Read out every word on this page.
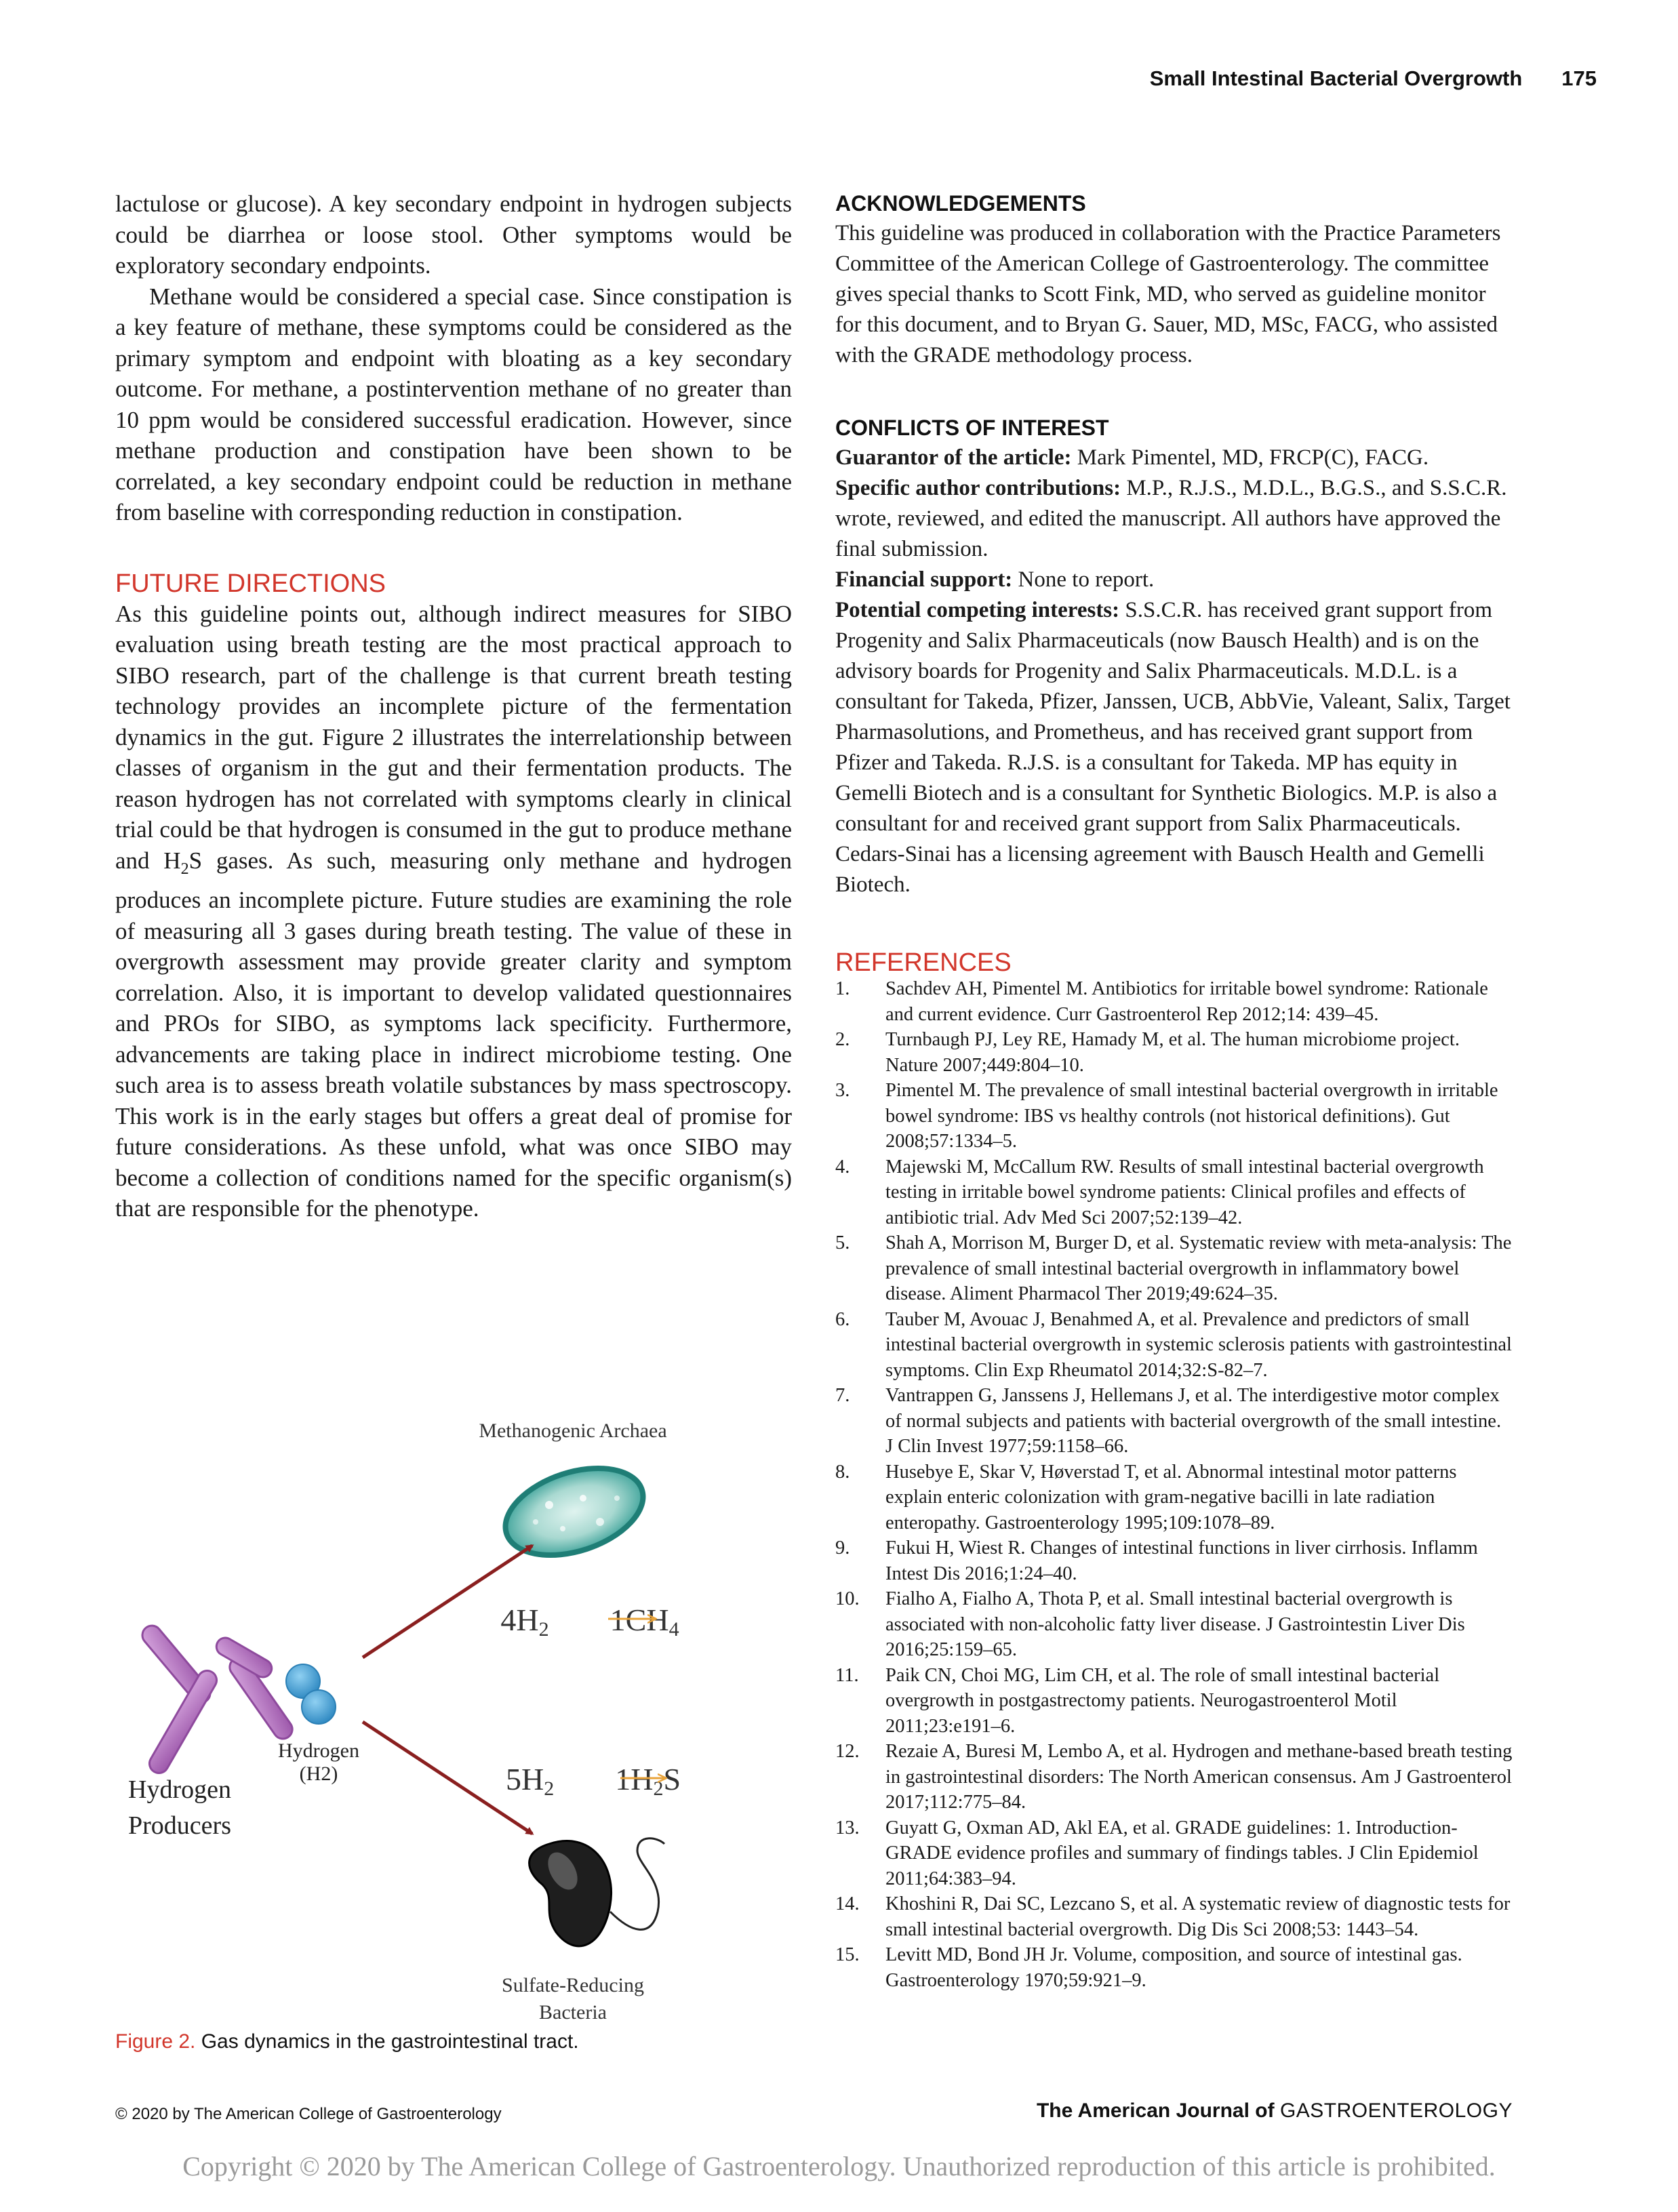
Small Intestinal Bacterial Overgrowth 175

lactulose or glucose). A key secondary endpoint in hydrogen subjects could be diarrhea or loose stool. Other symptoms would be exploratory secondary endpoints.

Methane would be considered a special case. Since constipation is a key feature of methane, these symptoms could be considered as the primary symptom and endpoint with bloating as a key secondary outcome. For methane, a postintervention methane of no greater than 10 ppm would be considered successful eradication. However, since methane production and constipation have been shown to be correlated, a key secondary endpoint could be reduction in methane from baseline with corresponding reduction in constipation.

FUTURE DIRECTIONS

As this guideline points out, although indirect measures for SIBO evaluation using breath testing are the most practical approach to SIBO research, part of the challenge is that current breath testing technology provides an incomplete picture of the fermentation dynamics in the gut. Figure 2 illustrates the interrelationship between classes of organism in the gut and their fermentation products. The reason hydrogen has not correlated with symptoms clearly in clinical trial could be that hydrogen is consumed in the gut to produce methane and $H_2S$ gases. As such, measuring only methane and hydrogen produces an incomplete picture. Future studies are examining the role of measuring all 3 gases during breath testing. The value of these in overgrowth assessment may provide greater clarity and symptom correlation. Also, it is important to develop validated questionnaires and PROs for SIBO, as symptoms lack specificity. Furthermore, advancements are taking place in indirect microbiome testing. One such area is to assess breath volatile substances by mass spectroscopy. This work is in the early stages but offers a great deal of promise for future considerations. As these unfold, what was once SIBO may become a collection of conditions named for the specific organism(s) that are responsible for the phenotype.

Methanogenic Archaea
4H2 1CH4
Hydrogen
(H2)
Hydrogen
Producers
5H2 1H2S
Sulfate-Reducing
Bacteria
Figure 2. Gas dynamics in the gastrointestinal tract.
ACKNOWLEDGEMENTS

This guideline was produced in collaboration with the Practice Parameters Committee of the American College of Gastroenterology. The committee gives special thanks to Scott Fink, MD, who served as guideline monitor for this document, and to Bryan G. Sauer, MD, MSc, FACG, who assisted with the GRADE methodology process.

CONFLICTS OF INTEREST

Guarantor of the article: Mark Pimentel, MD, FRCP(C), FACG.

Specific author contributions: M.P., R.J.S., M.D.L., B.G.S., and S.S.C.R. wrote, reviewed, and edited the manuscript. All authors have approved the final submission.

Financial support: None to report.

Potential competing interests: S.S.C.R. has received grant support from Progenity and Salix Pharmaceuticals (now Bausch Health) and is on the advisory boards for Progenity and Salix Pharmaceuticals. M.D.L. is a consultant for Takeda, Pfizer, Janssen, UCB, AbbVie, Valeant, Salix, Target Pharmasolutions, and Prometheus, and has received grant support from Pfizer and Takeda. R.J.S. is a consultant for Takeda. MP has equity in Gemelli Biotech and is a consultant for Synthetic Biologics. M.P. is also a consultant for and received grant support from Salix Pharmaceuticals. Cedars-Sinai has a licensing agreement with Bausch Health and Gemelli Biotech.

REFERENCES
1.	Sachdev AH, Pimentel M. Antibiotics for irritable bowel syndrome: Rationale and current evidence. Curr Gastroenterol Rep 2012;14: 439–45.
2.	Turnbaugh PJ, Ley RE, Hamady M, et al. The human microbiome project. Nature 2007;449:804–10.
3.	Pimentel M. The prevalence of small intestinal bacterial overgrowth in irritable bowel syndrome: IBS vs healthy controls (not historical definitions). Gut 2008;57:1334–5.
4.	Majewski M, McCallum RW. Results of small intestinal bacterial overgrowth testing in irritable bowel syndrome patients: Clinical profiles and effects of antibiotic trial. Adv Med Sci 2007;52:139–42.
5.	Shah A, Morrison M, Burger D, et al. Systematic review with meta-analysis: The prevalence of small intestinal bacterial overgrowth in inflammatory bowel disease. Aliment Pharmacol Ther 2019;49:624–35.
6.	Tauber M, Avouac J, Benahmed A, et al. Prevalence and predictors of small intestinal bacterial overgrowth in systemic sclerosis patients with gastrointestinal symptoms. Clin Exp Rheumatol 2014;32:S-82–7.
7.	Vantrappen G, Janssens J, Hellemans J, et al. The interdigestive motor complex of normal subjects and patients with bacterial overgrowth of the small intestine. J Clin Invest 1977;59:1158–66.
8.	Husebye E, Skar V, Høverstad T, et al. Abnormal intestinal motor patterns explain enteric colonization with gram-negative bacilli in late radiation enteropathy. Gastroenterology 1995;109:1078–89.
9.	Fukui H, Wiest R. Changes of intestinal functions in liver cirrhosis. Inflamm Intest Dis 2016;1:24–40.
10.	Fialho A, Fialho A, Thota P, et al. Small intestinal bacterial overgrowth is associated with non-alcoholic fatty liver disease. J Gastrointestin Liver Dis 2016;25:159–65.
11.	Paik CN, Choi MG, Lim CH, et al. The role of small intestinal bacterial overgrowth in postgastrectomy patients. Neurogastroenterol Motil 2011;23:e191–6.
12.	Rezaie A, Buresi M, Lembo A, et al. Hydrogen and methane-based breath testing in gastrointestinal disorders: The North American consensus. Am J Gastroenterol 2017;112:775–84.
13.	Guyatt G, Oxman AD, Akl EA, et al. GRADE guidelines: 1. Introduction-GRADE evidence profiles and summary of findings tables. J Clin Epidemiol 2011;64:383–94.
14.	Khoshini R, Dai SC, Lezcano S, et al. A systematic review of diagnostic tests for small intestinal bacterial overgrowth. Dig Dis Sci 2008;53: 1443–54.
15.	Levitt MD, Bond JH Jr. Volume, composition, and source of intestinal gas. Gastroenterology 1970;59:921–9.
© 2020 by The American College of Gastroenterology	The American Journal of GASTROENTEROLOGY
Copyright © 2020 by The American College of Gastroenterology. Unauthorized reproduction of this article is prohibited.
